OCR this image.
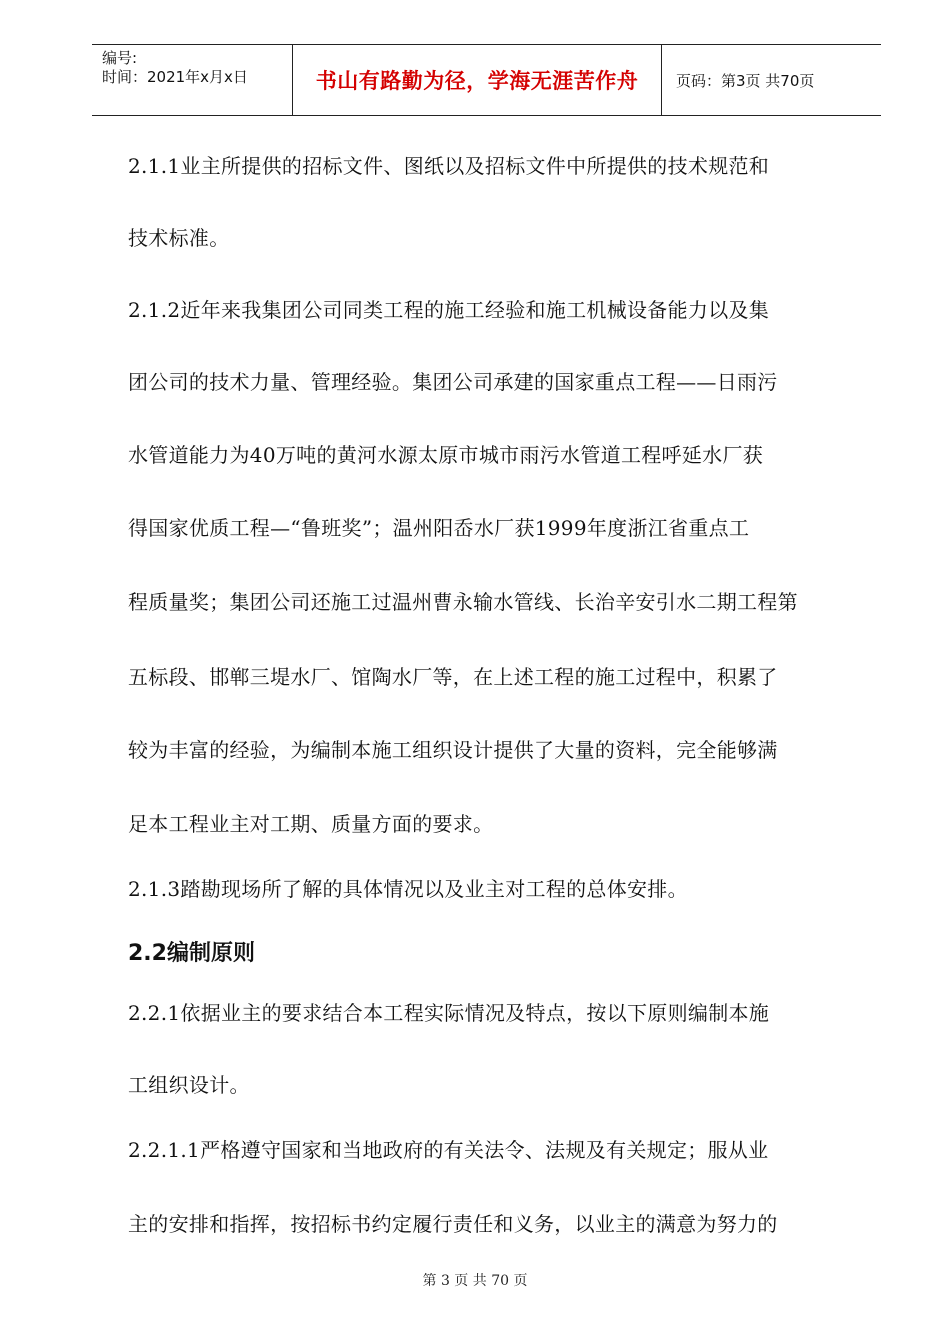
编号:
时间：2021年x月x日	书山有路勤为径，学海无涯苦作舟	页码：第3页 共70页
2.1.1业主所提供的招标文件、图纸以及招标文件中所提供的技术规范和
技术标准。
2.1.2近年来我集团公司同类工程的施工经验和施工机械设备能力以及集
团公司的技术力量、管理经验。集团公司承建的国家重点工程——日雨污
水管道能力为40万吨的黄河水源太原市城市雨污水管道工程呼延水厂获
得国家优质工程—“鲁班奖”；温州阳岙水厂获1999年度浙江省重点工
程质量奖；集团公司还施工过温州曹永输水管线、长治辛安引水二期工程第
五标段、邯郸三堤水厂、馆陶水厂等，在上述工程的施工过程中，积累了
较为丰富的经验，为编制本施工组织设计提供了大量的资料，完全能够满
足本工程业主对工期、质量方面的要求。
2.1.3踏勘现场所了解的具体情况以及业主对工程的总体安排。
2.2编制原则
2.2.1依据业主的要求结合本工程实际情况及特点，按以下原则编制本施
工组织设计。
2.2.1.1严格遵守国家和当地政府的有关法令、法规及有关规定；服从业
主的安排和指挥，按招标书约定履行责任和义务，以业主的满意为努力的
第 3 页 共 70 页
